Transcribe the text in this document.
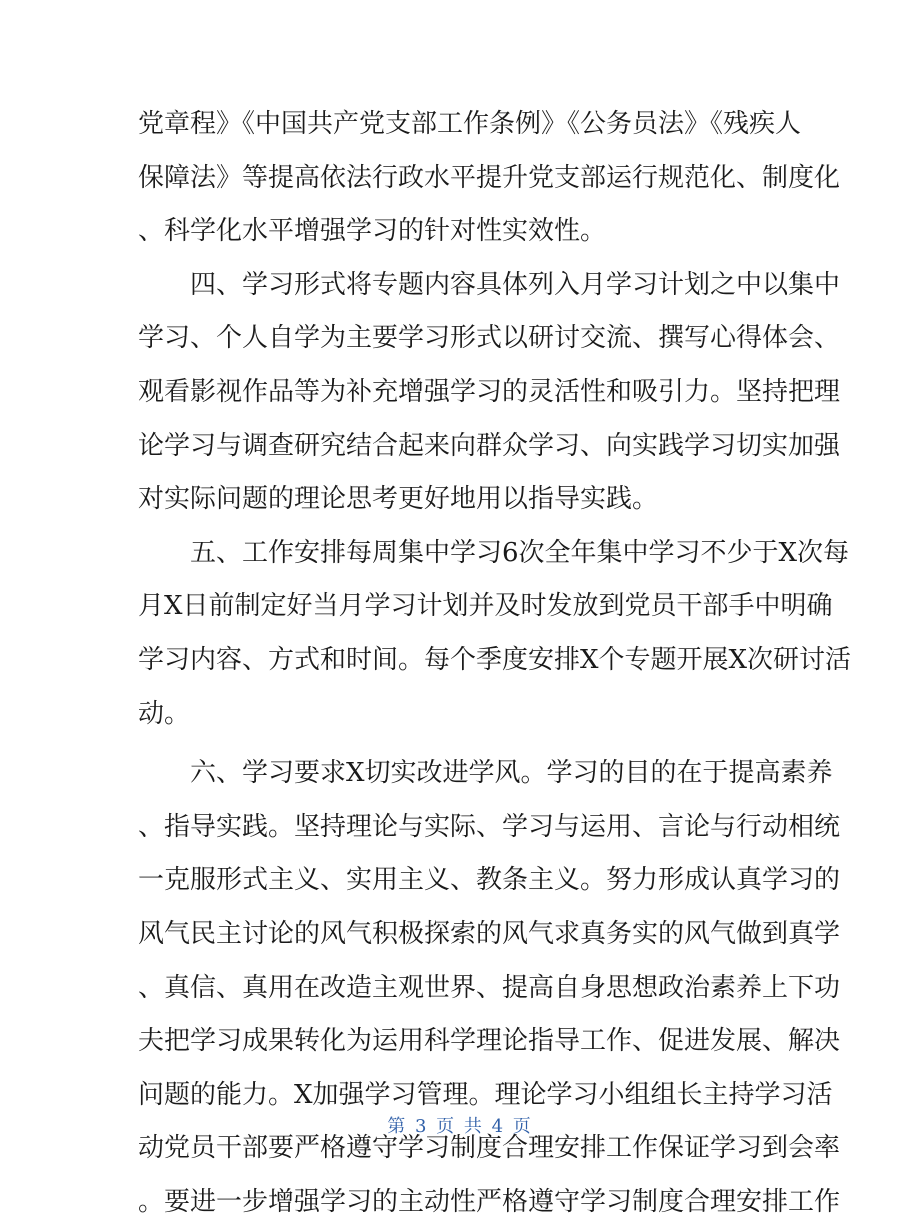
党章程》《中国共产党支部工作条例》《公务员法》《残疾人
保障法》等提高依法行政水平提升党支部运行规范化、制度化
、科学化水平增强学习的针对性实效性。
四、学习形式将专题内容具体列入月学习计划之中以集中
学习、个人自学为主要学习形式以研讨交流、撰写心得体会、
观看影视作品等为补充增强学习的灵活性和吸引力。坚持把理
论学习与调查研究结合起来向群众学习、向实践学习切实加强
对实际问题的理论思考更好地用以指导实践。
五、工作安排每周集中学习6次全年集中学习不少于X次每
月X日前制定好当月学习计划并及时发放到党员干部手中明确
学习内容、方式和时间。每个季度安排X个专题开展X次研讨活
动。
六、学习要求X切实改进学风。学习的目的在于提高素养
、指导实践。坚持理论与实际、学习与运用、言论与行动相统
一克服形式主义、实用主义、教条主义。努力形成认真学习的
风气民主讨论的风气积极探索的风气求真务实的风气做到真学
、真信、真用在改造主观世界、提高自身思想政治素养上下功
夫把学习成果转化为运用科学理论指导工作、促进发展、解决
问题的能力。X加强学习管理。理论学习小组组长主持学习活
动党员干部要严格遵守学习制度合理安排工作保证学习到会率
。要进一步增强学习的主动性严格遵守学习制度合理安排工作
第 3 页 共 4 页
